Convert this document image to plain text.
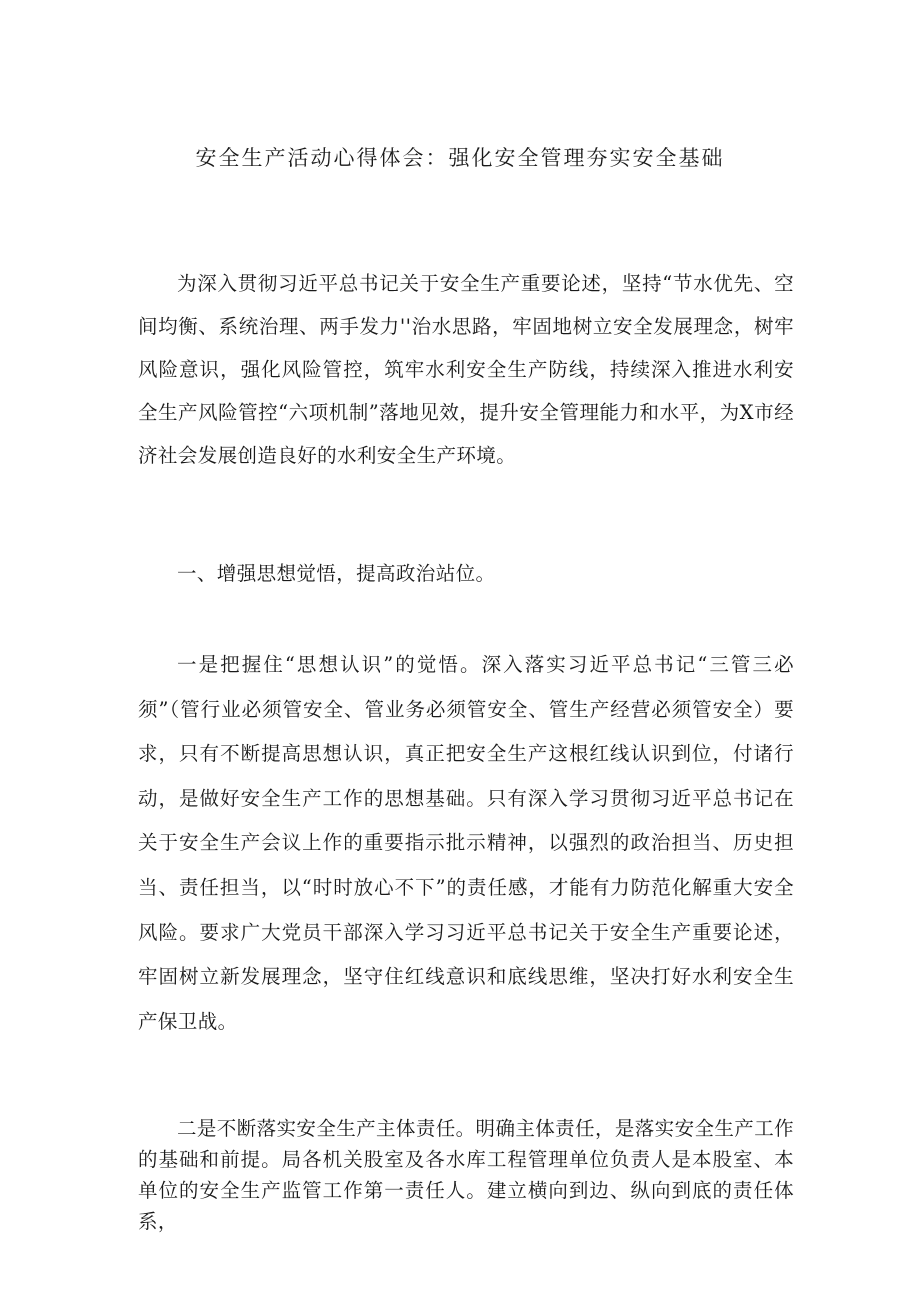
安全生产活动心得体会：强化安全管理夯实安全基础

为深入贯彻习近平总书记关于安全生产重要论述，坚持“节水优先、空间均衡、系统治理、两手发力''治水思路，牢固地树立安全发展理念，树牢风险意识，强化风险管控，筑牢水利安全生产防线，持续深入推进水利安全生产风险管控“六项机制”落地见效，提升安全管理能力和水平，为X市经济社会发展创造良好的水利安全生产环境。

一、增强思想觉悟，提高政治站位。

一是把握住“思想认识”的觉悟。深入落实习近平总书记“三管三必须”（管行业必须管安全、管业务必须管安全、管生产经营必须管安全）要求，只有不断提高思想认识，真正把安全生产这根红线认识到位，付诸行动，是做好安全生产工作的思想基础。只有深入学习贯彻习近平总书记在关于安全生产会议上作的重要指示批示精神，以强烈的政治担当、历史担当、责任担当，以“时时放心不下”的责任感，才能有力防范化解重大安全风险。要求广大党员干部深入学习习近平总书记关于安全生产重要论述，牢固树立新发展理念，坚守住红线意识和底线思维，坚决打好水利安全生产保卫战。

二是不断落实安全生产主体责任。明确主体责任，是落实安全生产工作的基础和前提。局各机关股室及各水库工程管理单位负责人是本股室、本单位的安全生产监管工作第一责任人。建立横向到边、纵向到底的责任体系，
